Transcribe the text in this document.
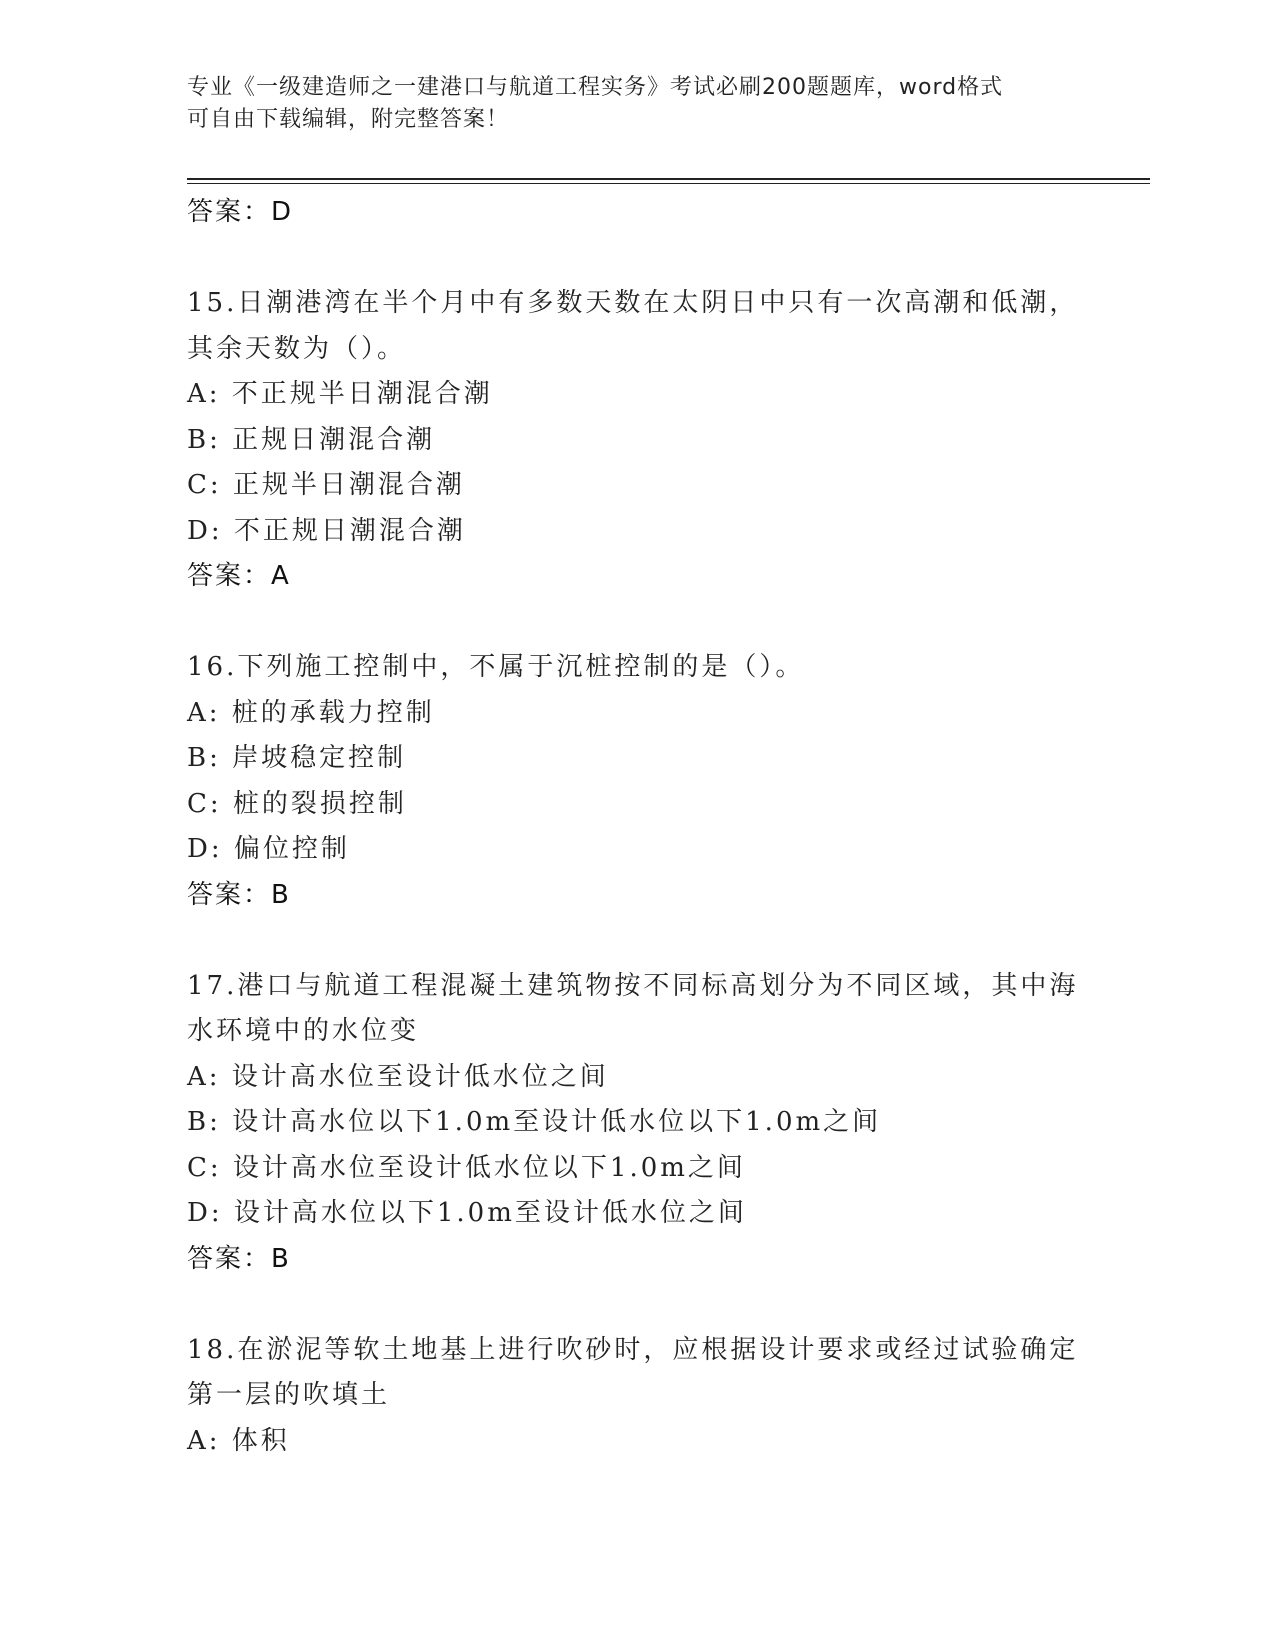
专业《一级建造师之一建港口与航道工程实务》考试必刷200题题库，word格式
可自由下载编辑，附完整答案！
答案：D
15.日潮港湾在半个月中有多数天数在太阴日中只有一次高潮和低潮，
其余天数为（）。
A: 不正规半日潮混合潮
B: 正规日潮混合潮
C: 正规半日潮混合潮
D: 不正规日潮混合潮
答案：A
16.下列施工控制中，不属于沉桩控制的是（）。
A: 桩的承载力控制
B: 岸坡稳定控制
C: 桩的裂损控制
D: 偏位控制
答案：B
17.港口与航道工程混凝土建筑物按不同标高划分为不同区域，其中海
水环境中的水位变
A: 设计高水位至设计低水位之间
B: 设计高水位以下1.0m至设计低水位以下1.0m之间
C: 设计高水位至设计低水位以下1.0m之间
D: 设计高水位以下1.0m至设计低水位之间
答案：B
18.在淤泥等软土地基上进行吹砂时，应根据设计要求或经过试验确定
第一层的吹填土
A: 体积
